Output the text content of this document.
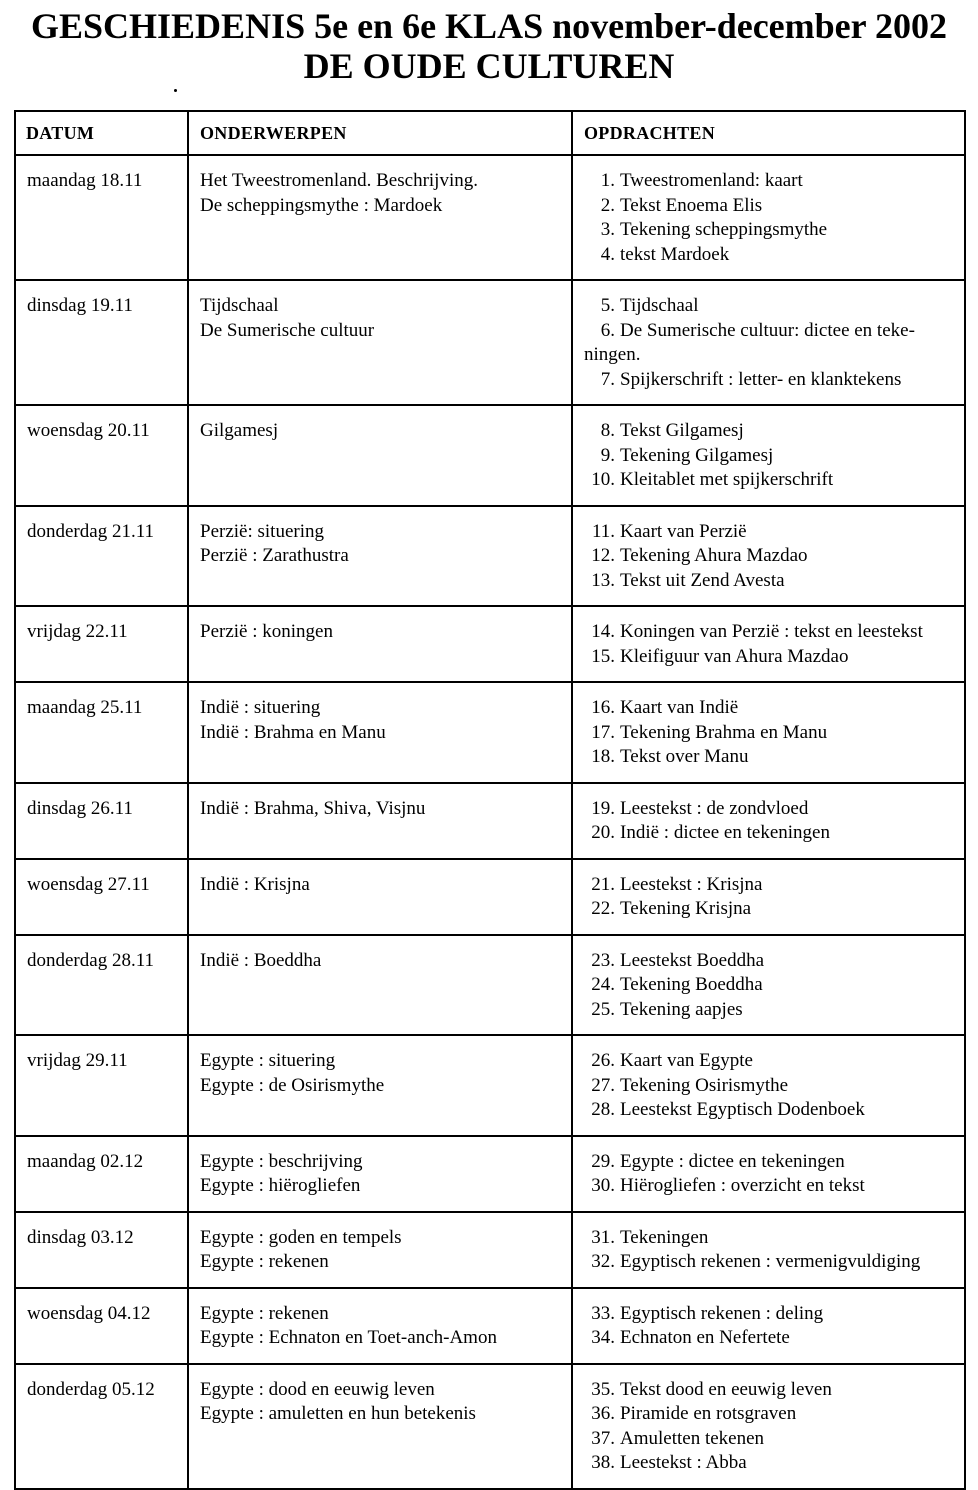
GESCHIEDENIS 5e en 6e KLAS november-december 2002
DE OUDE CULTUREN
DATUM	ONDERWERPEN	OPDRACHTEN
maandag 18.11	Het Tweestromenland. Beschrijving.
De scheppingsmythe : Mardoek	1. Tweestromenland: kaart
2. Tekst Enoema Elis
3. Tekening scheppingsmythe
4. tekst Mardoek

dinsdag 19.11	Tijdschaal
De Sumerische cultuur	5. Tijdschaal
6. De Sumerische cultuur: dictee en teke-
ningen.
7. Spijkerschrift : letter- en klanktekens

woensdag 20.11	Gilgamesj	8. Tekst Gilgamesj
9. Tekening Gilgamesj
10. Kleitablet met spijkerschrift

donderdag 21.11	Perzië: situering
Perzië : Zarathustra	11. Kaart van Perzië
12. Tekening Ahura Mazdao
13. Tekst uit Zend Avesta

vrijdag 22.11	Perzië : koningen	14. Koningen van Perzië : tekst en leestekst
15. Kleifiguur van Ahura Mazdao

maandag 25.11	Indië : situering
Indië : Brahma en Manu	16. Kaart van Indië
17. Tekening Brahma en Manu
18. Tekst over Manu

dinsdag 26.11	Indië : Brahma, Shiva, Visjnu	19. Leestekst : de zondvloed
20. Indië : dictee en tekeningen

woensdag 27.11	Indië : Krisjna	21. Leestekst : Krisjna
22. Tekening Krisjna

donderdag 28.11	Indië : Boeddha	23. Leestekst Boeddha
24. Tekening Boeddha
25. Tekening aapjes

vrijdag 29.11	Egypte : situering
Egypte : de Osirismythe	26. Kaart van Egypte
27. Tekening Osirismythe
28. Leestekst Egyptisch Dodenboek

maandag 02.12	Egypte : beschrijving
Egypte : hiërogliefen	29. Egypte : dictee en tekeningen
30. Hiërogliefen : overzicht en tekst

dinsdag 03.12	Egypte : goden en tempels
Egypte : rekenen	31. Tekeningen
32. Egyptisch rekenen : vermenigvuldiging

woensdag 04.12	Egypte : rekenen
Egypte : Echnaton en Toet-anch-Amon	33. Egyptisch rekenen : deling
34. Echnaton en Nefertete

donderdag 05.12	Egypte : dood en eeuwig leven
Egypte : amuletten en hun betekenis	35. Tekst dood en eeuwig leven
36. Piramide en rotsgraven
37. Amuletten tekenen
38. Leestekst : Abba
